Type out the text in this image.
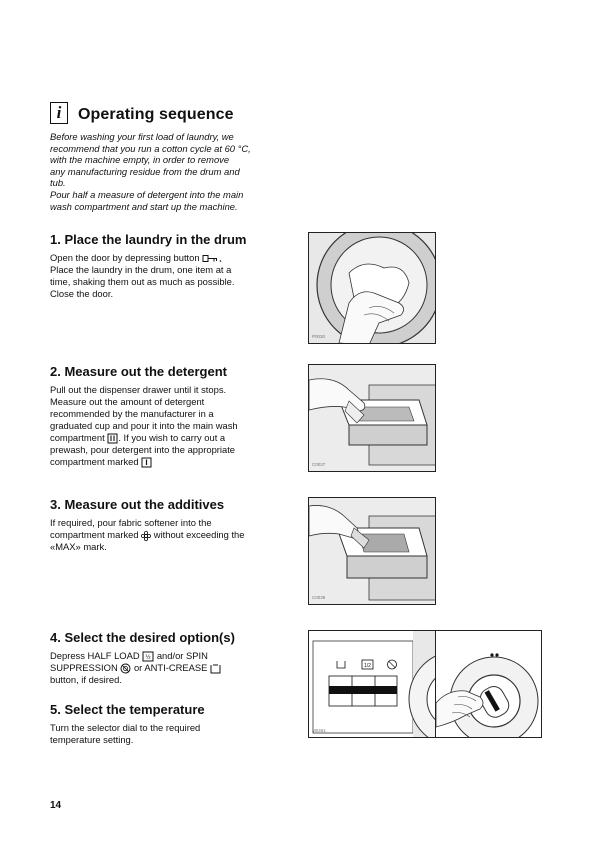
i	Operating sequence
Before washing your first load of laundry, we
recommend that you run a cotton cycle at 60 °C,
with the machine empty, in order to remove
any manufacturing residue from the drum and
tub.
Pour half a measure of detergent into the main
wash compartment and start up the machine.
1. Place the laundry in the drum
Open the door by depressing button
Place the laundry in the drum, one item at a
time, shaking them out as much as possible.
Close the door.
P0030
2. Measure out the detergent
Pull out the dispenser drawer until it stops.
Measure out the amount of detergent
recommended by the manufacturer in a
graduated cup and pour it into the main wash
compartment . If you wish to carry out a
prewash, pour detergent into the appropriate
compartment marked	C0037
3. Measure out the additives
If required, pour fabric softener into the
compartment marked without exceeding the
«MAX» mark.
C0038
4. Select the desired option(s)
Depress HALF LOAD ½ and/or SPIN
SUPPRESSION or ANTI-CREASE
button, if desired.
1/2
M0461
5. Select the temperature
Turn the selector dial to the required
temperature setting.
14
